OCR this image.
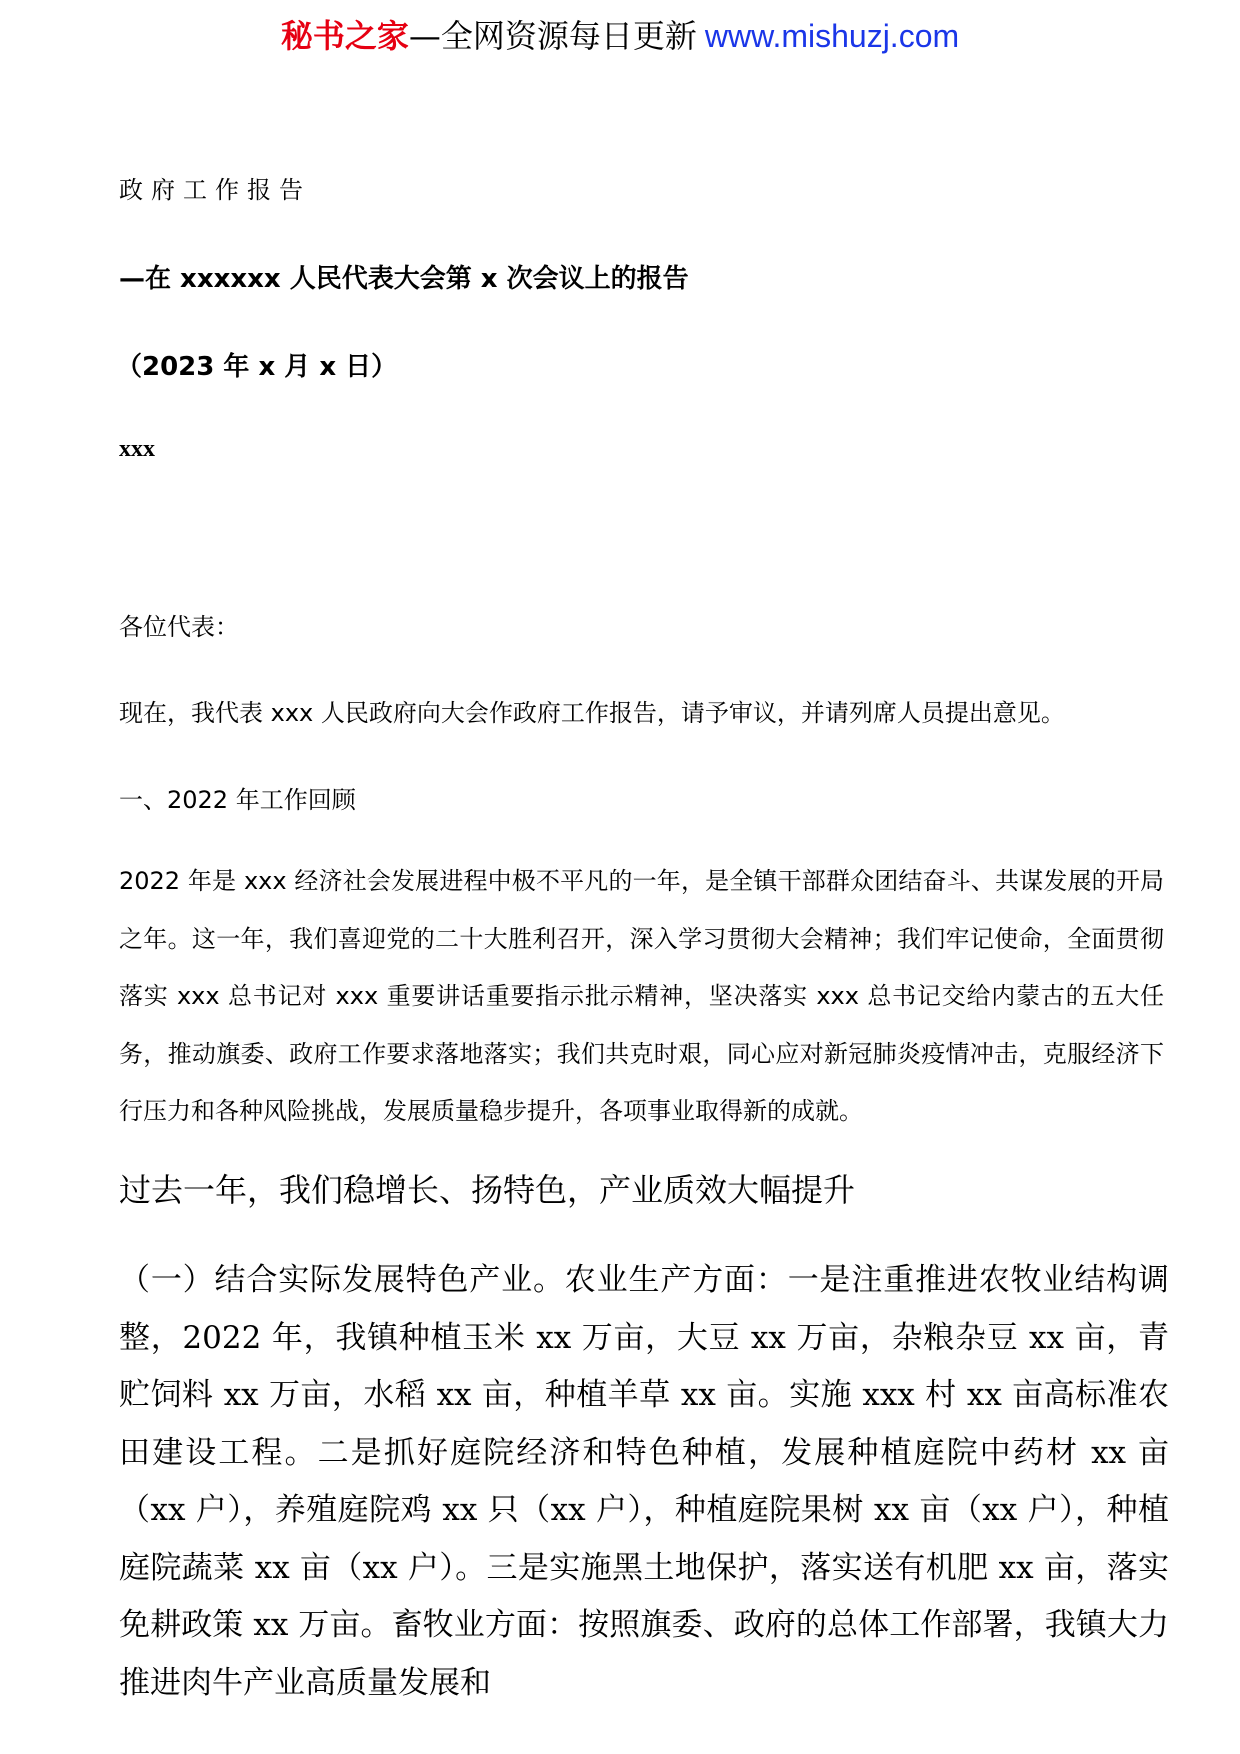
秘书之家—全网资源每日更新 www.mishuzj.com
政府工作报告
—在 xxxxxx 人民代表大会第 x 次会议上的报告
（2023 年 x 月 x 日）
xxx
各位代表：
现在，我代表 xxx 人民政府向大会作政府工作报告，请予审议，并请列席人员提出意见。
一、2022 年工作回顾

2022 年是 xxx 经济社会发展进程中极不平凡的一年，是全镇干部群众团结奋斗、共谋发展的开局之年。这一年，我们喜迎党的二十大胜利召开，深入学习贯彻大会精神；我们牢记使命，全面贯彻落实 xxx 总书记对 xxx 重要讲话重要指示批示精神，坚决落实 xxx 总书记交给内蒙古的五大任务，推动旗委、政府工作要求落地落实；我们共克时艰，同心应对新冠肺炎疫情冲击，克服经济下行压力和各种风险挑战，发展质量稳步提升，各项事业取得新的成就。

过去一年，我们稳增长、扬特色，产业质效大幅提升

（一）结合实际发展特色产业。农业生产方面：一是注重推进农牧业结构调整，2022 年，我镇种植玉米 xx 万亩，大豆 xx 万亩，杂粮杂豆 xx 亩，青贮饲料 xx 万亩，水稻 xx 亩，种植羊草 xx 亩。实施 xxx 村 xx 亩高标准农田建设工程。二是抓好庭院经济和特色种植，发展种植庭院中药材 xx 亩（xx 户），养殖庭院鸡 xx 只（xx 户），种植庭院果树 xx 亩（xx 户），种植庭院蔬菜 xx 亩（xx 户）。三是实施黑土地保护，落实送有机肥 xx 亩，落实免耕政策 xx 万亩。畜牧业方面：按照旗委、政府的总体工作部署，我镇大力推进肉牛产业高质量发展和
